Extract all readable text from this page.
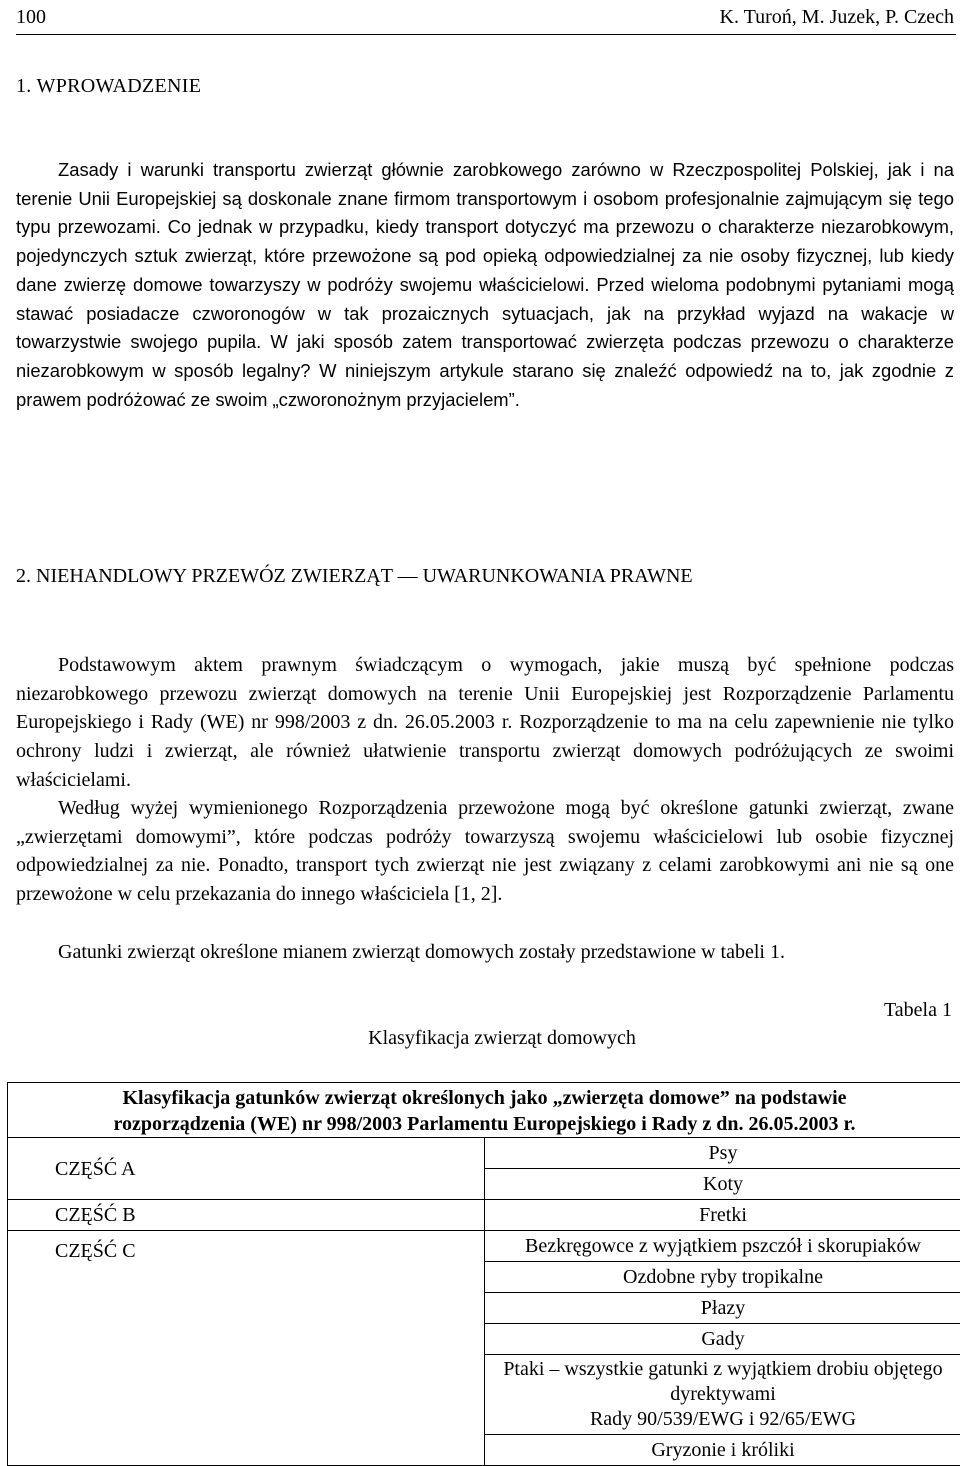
100	K. Turoń, M. Juzek, P. Czech
1. WPROWADZENIE

Zasady i warunki transportu zwierząt głównie zarobkowego zarówno w Rzeczpospolitej Polskiej, jak i na terenie Unii Europejskiej są doskonale znane firmom transportowym i osobom profesjonalnie zajmującym się tego typu przewozami. Co jednak w przypadku, kiedy transport dotyczyć ma przewozu o charakterze niezarobkowym, pojedynczych sztuk zwierząt, które przewożone są pod opieką odpowiedzialnej za nie osoby fizycznej, lub kiedy dane zwierzę domowe towarzyszy w podróży swojemu właścicielowi. Przed wieloma podobnymi pytaniami mogą stawać posiadacze czworonogów w tak prozaicznych sytuacjach, jak na przykład wyjazd na wakacje w towarzystwie swojego pupila. W jaki sposób zatem transportować zwierzęta podczas przewozu o charakterze niezarobkowym w sposób legalny? W niniejszym artykule starano się znaleźć odpowiedź na to, jak zgodnie z prawem podróżować ze swoim „czworonożnym przyjacielem”.

2. NIEHANDLOWY PRZEWÓZ ZWIERZĄT — UWARUNKOWANIA PRAWNE

Podstawowym aktem prawnym świadczącym o wymogach, jakie muszą być spełnione podczas niezarobkowego przewozu zwierząt domowych na terenie Unii Europejskiej jest Rozporządzenie Parlamentu Europejskiego i Rady (WE) nr 998/2003 z dn. 26.05.2003 r. Rozporządzenie to ma na celu zapewnienie nie tylko ochrony ludzi i zwierząt, ale również ułatwienie transportu zwierząt domowych podróżujących ze swoimi właścicielami.

Według wyżej wymienionego Rozporządzenia przewożone mogą być określone gatunki zwierząt, zwane „zwierzętami domowymi”, które podczas podróży towarzyszą swojemu właścicielowi lub osobie fizycznej odpowiedzialnej za nie. Ponadto, transport tych zwierząt nie jest związany z celami zarobkowymi ani nie są one przewożone w celu przekazania do innego właściciela [1, 2].

Gatunki zwierząt określone mianem zwierząt domowych zostały przedstawione w tabeli 1.

Tabela 1
Klasyfikacja zwierząt domowych
Klasyfikacja gatunków zwierząt określonych jako „zwierzęta domowe” na podstawie
rozporządzenia (WE) nr 998/2003 Parlamentu Europejskiego i Rady z dn. 26.05.2003 r.	

CZĘŚĆ A	Psy
	Koty
CZĘŚĆ B	Fretki
CZĘŚĆ C	Bezkręgowce z wyjątkiem pszczół i skorupiaków
	Ozdobne ryby tropikalne
	Płazy
	Gady

	Ptaki – wszystkie gatunki z wyjątkiem drobiu objętego dyrektywami
Rady 90/539/EWG i 92/65/EWG

	Gryzonie i króliki
